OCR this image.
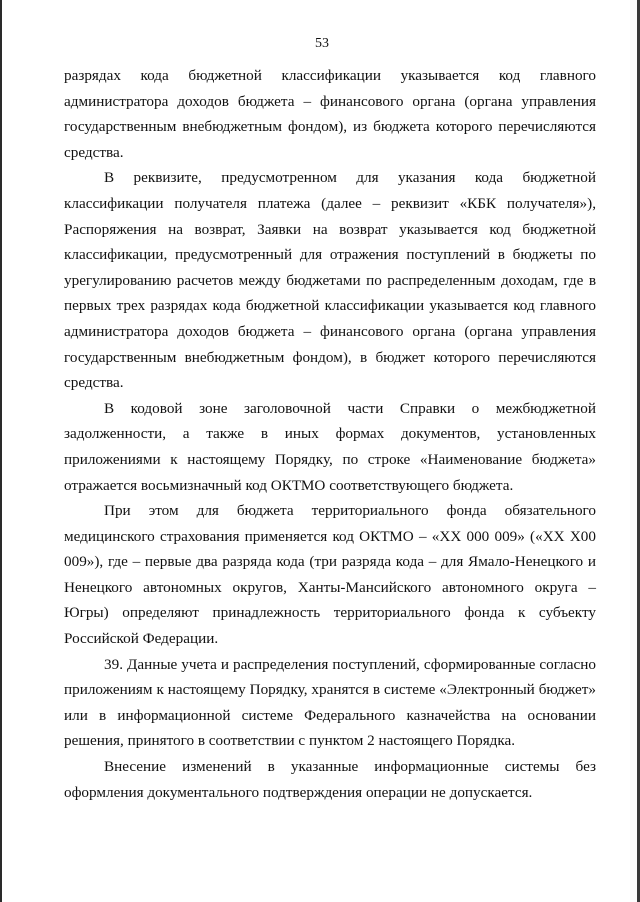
53

разрядах кода бюджетной классификации указывается код главного администратора доходов бюджета – финансового органа (органа управления государственным внебюджетным фондом), из бюджета которого перечисляются средства.

В реквизите, предусмотренном для указания кода бюджетной классификации получателя платежа (далее – реквизит «КБК получателя»), Распоряжения на возврат, Заявки на возврат указывается код бюджетной классификации, предусмотренный для отражения поступлений в бюджеты по урегулированию расчетов между бюджетами по распределенным доходам, где в первых трех разрядах кода бюджетной классификации указывается код главного администратора доходов бюджета – финансового органа (органа управления государственным внебюджетным фондом), в бюджет которого перечисляются средства.

В кодовой зоне заголовочной части Справки о межбюджетной задолженности, а также в иных формах документов, установленных приложениями к настоящему Порядку, по строке «Наименование бюджета» отражается восьмизначный код ОКТМО соответствующего бюджета.

При этом для бюджета территориального фонда обязательного медицинского страхования применяется код ОКТМО – «ХХ 000 009» («ХХ Х00 009»), где – первые два разряда кода (три разряда кода – для Ямало-Ненецкого и Ненецкого автономных округов, Ханты-Мансийского автономного округа – Югры) определяют принадлежность территориального фонда к субъекту Российской Федерации.

39. Данные учета и распределения поступлений, сформированные согласно приложениям к настоящему Порядку, хранятся в системе «Электронный бюджет» или в информационной системе Федерального казначейства на основании решения, принятого в соответствии с пунктом 2 настоящего Порядка.

Внесение изменений в указанные информационные системы без оформления документального подтверждения операции не допускается.
